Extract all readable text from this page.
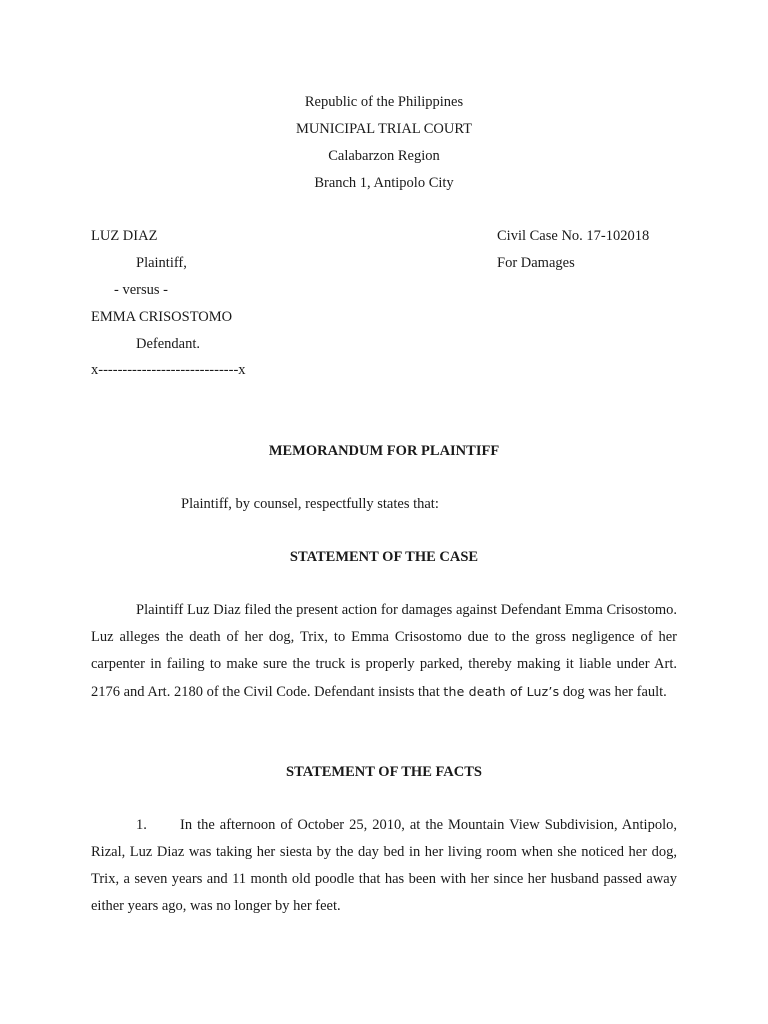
Republic of the Philippines
MUNICIPAL TRIAL COURT
Calabarzon Region
Branch 1, Antipolo City
LUZ DIAZ
Plaintiff,
- versus -
EMMA CRISOSTOMO
Defendant.
x-----------------------------x
Civil Case No. 17-102018
For Damages
MEMORANDUM FOR PLAINTIFF
Plaintiff, by counsel, respectfully states that:
STATEMENT OF THE CASE
Plaintiff Luz Diaz filed the present action for damages against Defendant Emma Crisostomo. Luz alleges the death of her dog, Trix, to Emma Crisostomo due to the gross negligence of her carpenter in failing to make sure the truck is properly parked, thereby making it liable under Art. 2176 and Art. 2180 of the Civil Code. Defendant insists that the death of Luz’s dog was her fault.
STATEMENT OF THE FACTS
1. In the afternoon of October 25, 2010, at the Mountain View Subdivision, Antipolo, Rizal, Luz Diaz was taking her siesta by the day bed in her living room when she noticed her dog, Trix, a seven years and 11 month old poodle that has been with her since her husband passed away either years ago, was no longer by her feet.
